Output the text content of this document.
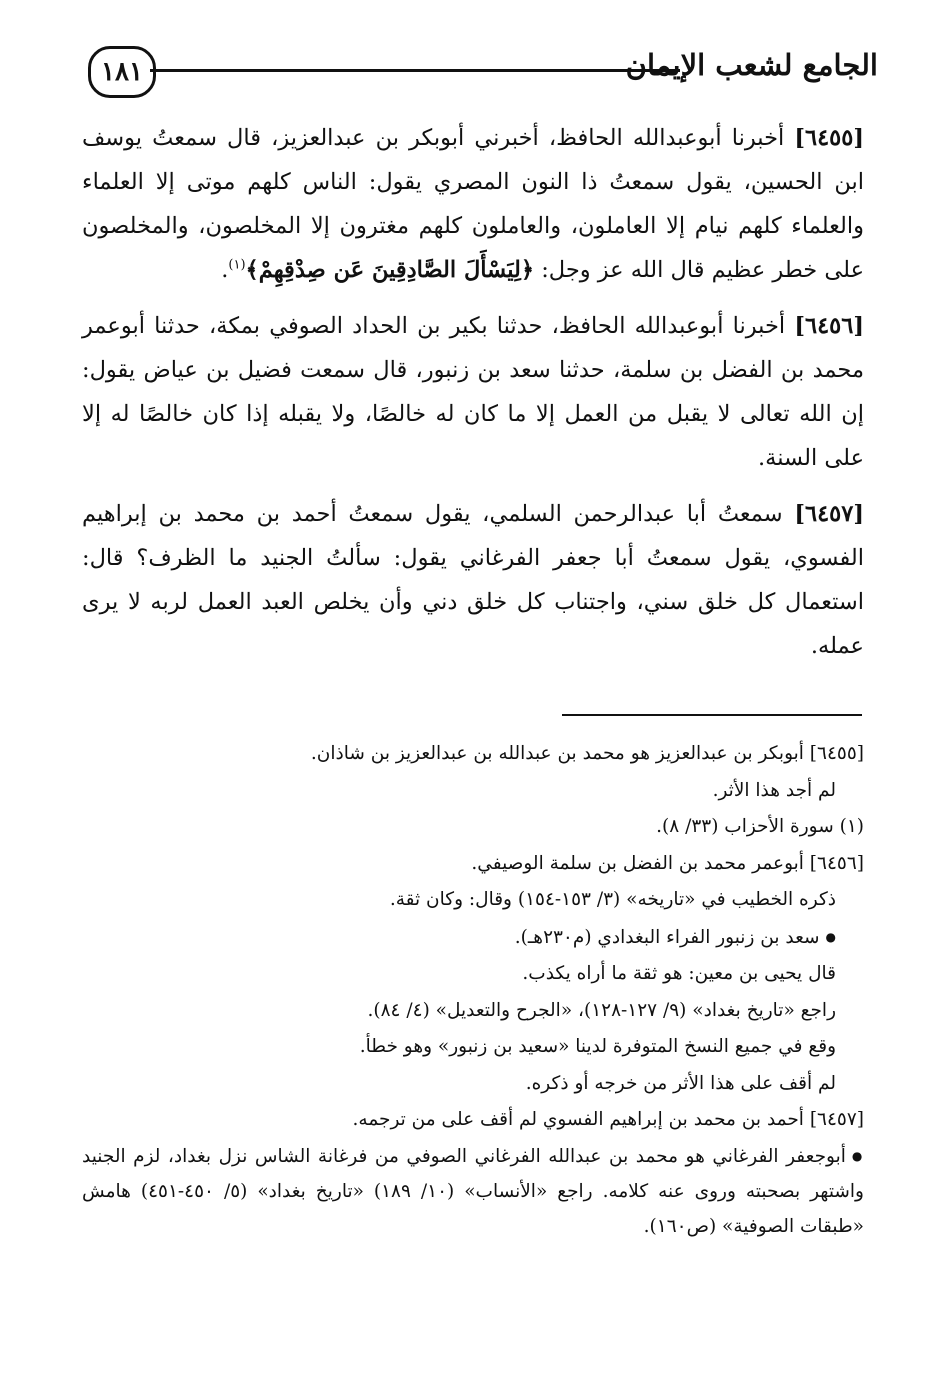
١٨١	الجامع لشعب الإيمان

[٦٤٥٥] أخبرنا أبوعبدالله الحافظ، أخبرني أبوبكر بن عبدالعزيز، قال سمعتُ يوسف ابن الحسين، يقول سمعتُ ذا النون المصري يقول: الناس كلهم موتى إلا العلماء والعلماء كلهم نيام إلا العاملون، والعاملون كلهم مغترون إلا المخلصون، والمخلصون على خطر عظيم قال الله عز وجل: ﴿لِيَسْأَلَ الصَّادِقِينَ عَن صِدْقِهِمْ﴾$^{(١)}$.

[٦٤٥٦] أخبرنا أبوعبدالله الحافظ، حدثنا بكير بن الحداد الصوفي بمكة، حدثنا أبوعمر محمد بن الفضل بن سلمة، حدثنا سعد بن زنبور، قال سمعت فضيل بن عياض يقول: إن الله تعالى لا يقبل من العمل إلا ما كان له خالصًا، ولا يقبله إذا كان خالصًا له إلا على السنة.

[٦٤٥٧] سمعتُ أبا عبدالرحمن السلمي، يقول سمعتُ أحمد بن محمد بن إبراهيم الفسوي، يقول سمعتُ أبا جعفر الفرغاني يقول: سألتُ الجنيد ما الظرف؟ قال: استعمال كل خلق سني، واجتناب كل خلق دني وأن يخلص العبد العمل لربه لا يرى عمله.

[٦٤٥٥] أبوبكر بن عبدالعزيز هو محمد بن عبدالله بن عبدالعزيز بن شاذان.

لم أجد هذا الأثر.

(١) سورة الأحزاب (٣٣/ ٨).

[٦٤٥٦] أبوعمر محمد بن الفضل بن سلمة الوصيفي.

ذكره الخطيب في «تاريخه» (٣/ ١٥٣-١٥٤) وقال: وكان ثقة.

● سعد بن زنبور الفراء البغدادي (م٢٣٠هـ).

قال يحيى بن معين: هو ثقة ما أراه يكذب.

راجع «تاريخ بغداد» (٩/ ١٢٧-١٢٨)، «الجرح والتعديل» (٤/ ٨٤).

وقع في جميع النسخ المتوفرة لدينا «سعيد بن زنبور» وهو خطأ.

لم أقف على هذا الأثر من خرجه أو ذكره.

[٦٤٥٧] أحمد بن محمد بن إبراهيم الفسوي لم أقف على من ترجمه.

● أبوجعفر الفرغاني هو محمد بن عبدالله الفرغاني الصوفي من فرغانة الشاس نزل بغداد، لزم الجنيد واشتهر بصحبته وروى عنه كلامه. راجع «الأنساب» (١٠/ ١٨٩) «تاريخ بغداد» (٥/ ٤٥٠-٤٥١) هامش «طبقات الصوفية» (ص١٦٠).
